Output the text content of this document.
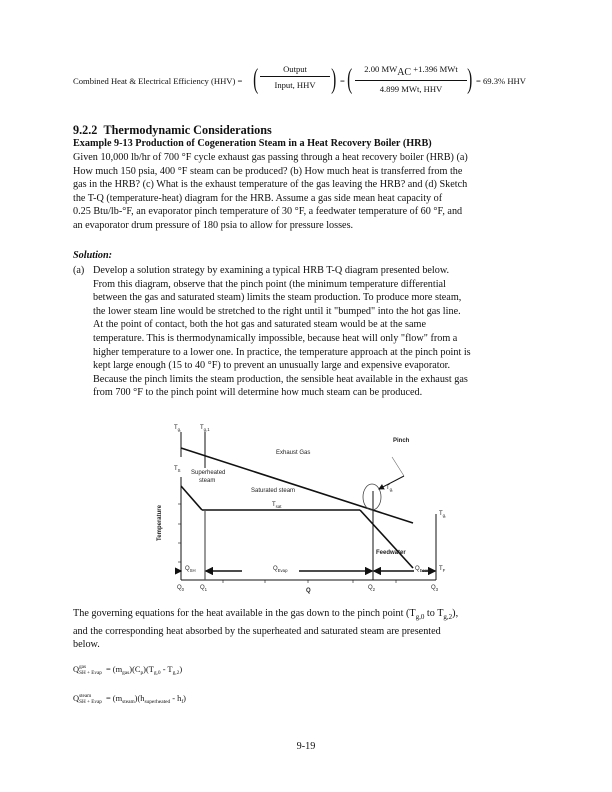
Combined Heat & Electrical Efficiency (HHV) = (	Output
Input, HHV ) = (	2.00 MWAC +1.396 MWt
4.899 MWt, HHV ) = 69.3% HHV
9.2.2 Thermodynamic Considerations
Example 9-13 Production of Cogeneration Steam in a Heat Recovery Boiler (HRB)

Given 10,000 lb/hr of 700 °F cycle exhaust gas passing through a heat recovery boiler (HRB) (a)

How much 150 psia, 400 °F steam can be produced? (b) How much heat is transferred from the

gas in the HRB? (c) What is the exhaust temperature of the gas leaving the HRB? and (d) Sketch

the T-Q (temperature-heat) diagram for the HRB. Assume a gas side mean heat capacity of

0.25 Btu/lb-°F, an evaporator pinch temperature of 30 °F, a feedwater temperature of 60 °F, and

an evaporator drum pressure of 180 psia to allow for pressure losses.

Solution:
(a) Develop a solution strategy by examining a typical HRB T-Q diagram presented below.

From this diagram, observe that the pinch point (the minimum temperature differential

between the gas and saturated steam) limits the steam production. To produce more steam,

the lower steam line would be stretched to the right until it "bumped" into the hot gas line.

At the point of contact, both the hot gas and saturated steam would be at the same

temperature. This is thermodynamically impossible, because heat will only "flow" from a

higher temperature to a lower one. In practice, the temperature approach at the pinch point is

kept large enough (15 to 40 °F) to prevent an unusually large and expensive evaporator.

Because the pinch limits the steam production, the sensible heat available in the exhaust gas

from 700 °F to the pinch point will determine how much steam can be produced.

$T_{g,}$	$T_{g,1}$
$T_S$
Exhaust Gas
Superheated
steam
Saturated steam
$T_{sat}$
Pinch
$T_{g,}$
$T_{g,}$
Feedwater
$T_F$
$Q_{SH}$	$Q_{Evap}$	$Q_{Econ}$
$Q_0$	$Q_1$	Q	$Q_2$	$Q_3$
Temperature

The governing equations for the heat available in the gas down to the pinch point ($T_{g,0}$ to $T_{g,2}$),

and the corresponding heat absorbed by the superheated and saturated steam are presented

below.

Qgas
SH + Evap = $(m_{gas})(C_p)(T_{g,0} - T_{g,2})$
Qsteam
SH + Evap = $(m_{steam})(h_{superheated} - h_f)$
9-19
